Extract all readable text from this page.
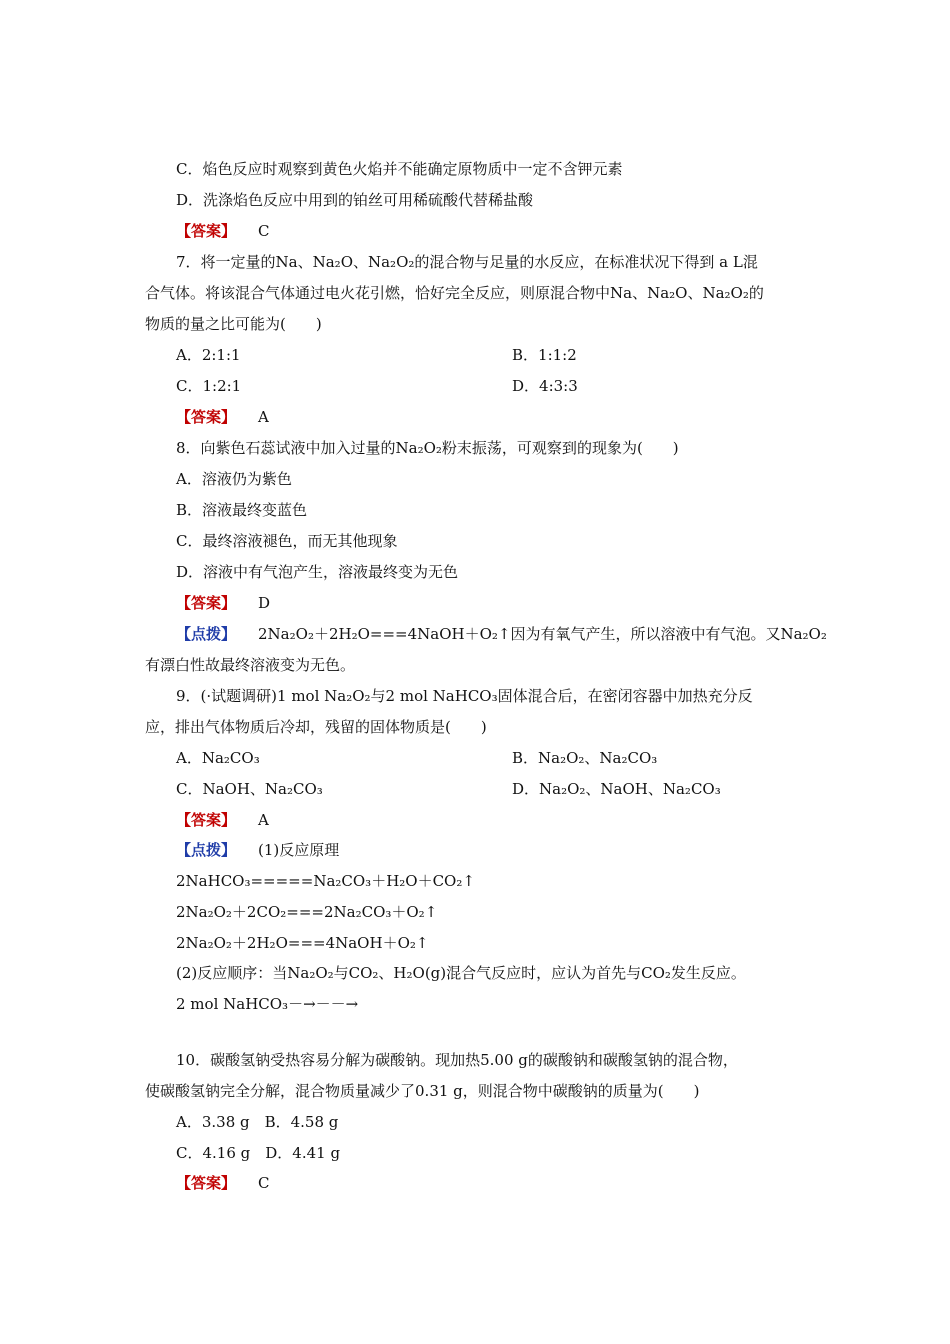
C．焰色反应时观察到黄色火焰并不能确定原物质中一定不含钾元素
D．洗涤焰色反应中用到的铂丝可用稀硫酸代替稀盐酸
【答案】 C
7．将一定量的Na、Na₂O、Na₂O₂的混合物与足量的水反应，在标准状况下得到 a L混
合气体。将该混合气体通过电火花引燃，恰好完全反应，则原混合物中Na、Na₂O、Na₂O₂的
物质的量之比可能为(　　)
A．2:1:1	B．1:1:2
C．1:2:1	D．4:3:3
【答案】 A
8．向紫色石蕊试液中加入过量的Na₂O₂粉末振荡，可观察到的现象为(　　)
A．溶液仍为紫色
B．溶液最终变蓝色
C．最终溶液褪色，而无其他现象
D．溶液中有气泡产生，溶液最终变为无色
【答案】 D
【点拨】 2Na₂O₂＋2H₂O===4NaOH＋O₂↑因为有氧气产生，所以溶液中有气泡。又Na₂O₂
有漂白性故最终溶液变为无色。
9．(·试题调研)1 mol Na₂O₂与2 mol NaHCO₃固体混合后，在密闭容器中加热充分反
应，排出气体物质后冷却，残留的固体物质是(　　)
A．Na₂CO₃	B．Na₂O₂、Na₂CO₃
C．NaOH、Na₂CO₃	D．Na₂O₂、NaOH、Na₂CO₃
【答案】 A
【点拨】 (1)反应原理
2NaHCO₃=====Na₂CO₃＋H₂O＋CO₂↑
2Na₂O₂＋2CO₂===2Na₂CO₃＋O₂↑
2Na₂O₂＋2H₂O===4NaOH＋O₂↑
(2)反应顺序：当Na₂O₂与CO₂、H₂O(g)混合气反应时，应认为首先与CO₂发生反应。
2 mol NaHCO₃－→－－→
10．碳酸氢钠受热容易分解为碳酸钠。现加热5.00 g的碳酸钠和碳酸氢钠的混合物，
使碳酸氢钠完全分解，混合物质量减少了0.31 g，则混合物中碳酸钠的质量为(　　)
A．3.38 g　B．4.58 g
C．4.16 g　D．4.41 g
【答案】 C
